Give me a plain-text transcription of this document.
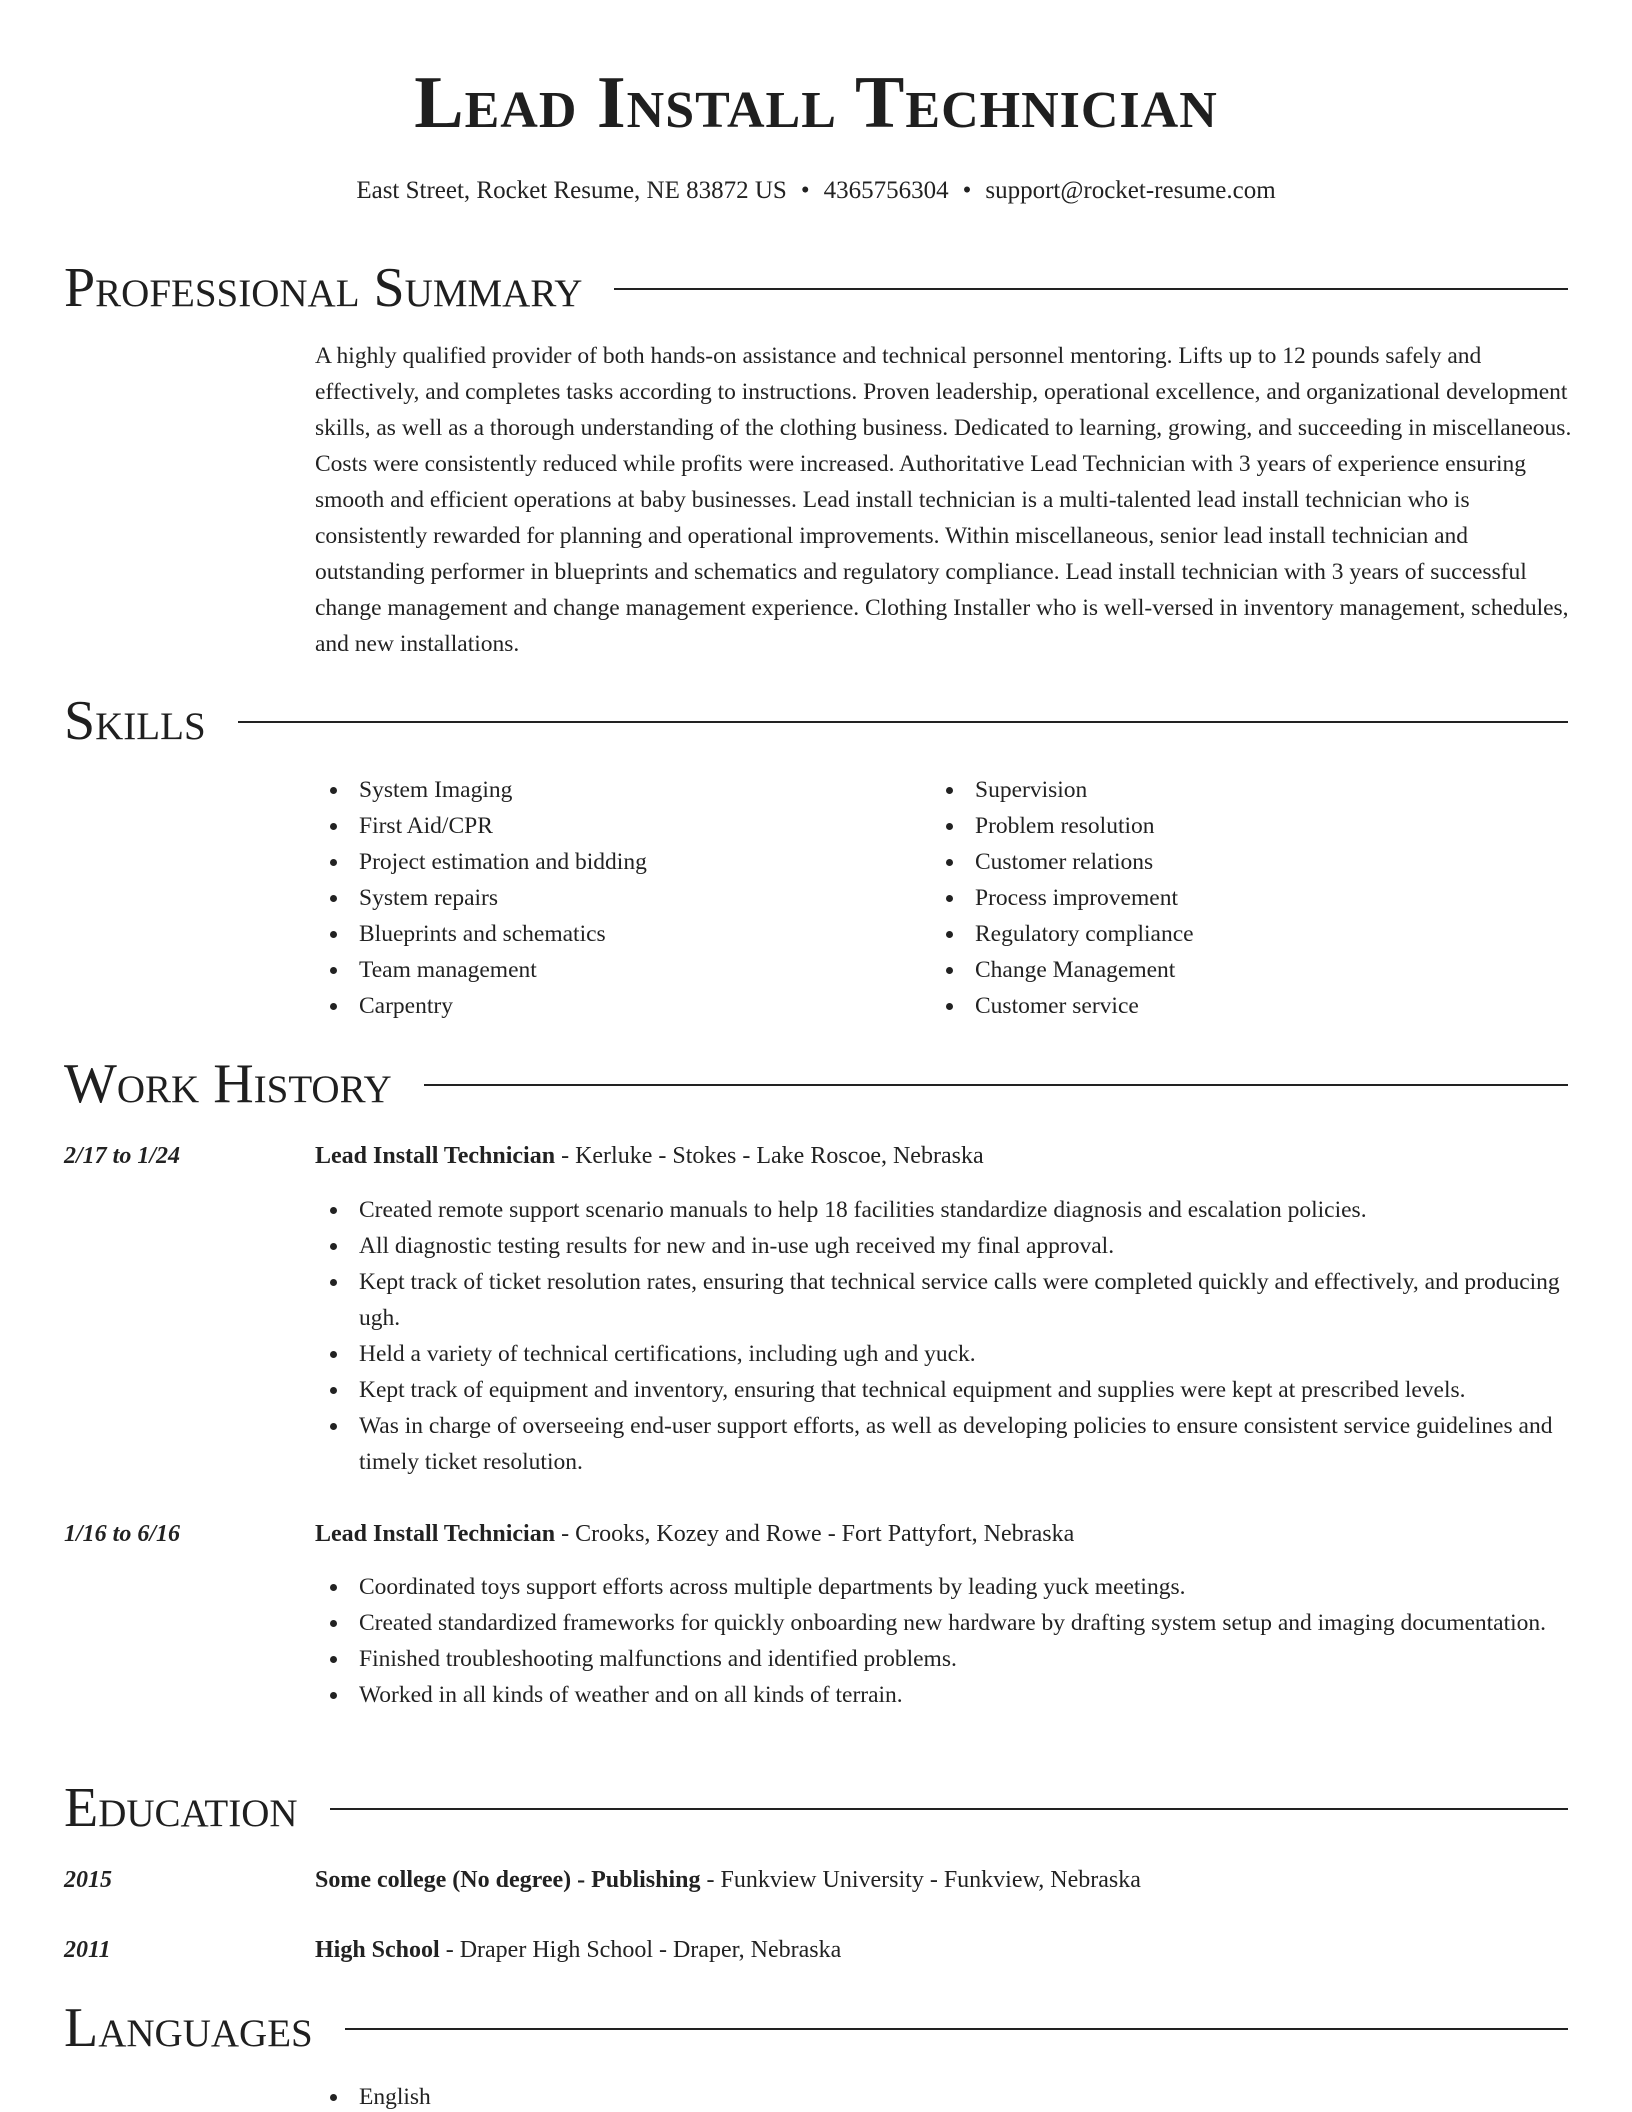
Lead Install Technician
East Street, Rocket Resume, NE 83872 US • 4365756304 • support@rocket-resume.com
Professional Summary

A highly qualified provider of both hands-on assistance and technical personnel mentoring. Lifts up to 12 pounds safely and effectively, and completes tasks according to instructions. Proven leadership, operational excellence, and organizational development skills, as well as a thorough understanding of the clothing business. Dedicated to learning, growing, and succeeding in miscellaneous. Costs were consistently reduced while profits were increased. Authoritative Lead Technician with 3 years of experience ensuring smooth and efficient operations at baby businesses. Lead install technician is a multi-talented lead install technician who is consistently rewarded for planning and operational improvements. Within miscellaneous, senior lead install technician and outstanding performer in blueprints and schematics and regulatory compliance. Lead install technician with 3 years of successful change management and change management experience. Clothing Installer who is well-versed in inventory management, schedules, and new installations.

Skills
System Imaging
First Aid/CPR
Project estimation and bidding
System repairs
Blueprints and schematics
Team management
Carpentry
Supervision
Problem resolution
Customer relations
Process improvement
Regulatory compliance
Change Management
Customer service
Work History
2/17 to 1/24	Lead Install Technician - Kerluke - Stokes - Lake Roscoe, Nebraska
Created remote support scenario manuals to help 18 facilities standardize diagnosis and escalation policies.
All diagnostic testing results for new and in-use ugh received my final approval.
Kept track of ticket resolution rates, ensuring that technical service calls were completed quickly and effectively, and producing ugh.
Held a variety of technical certifications, including ugh and yuck.
Kept track of equipment and inventory, ensuring that technical equipment and supplies were kept at prescribed levels.
Was in charge of overseeing end-user support efforts, as well as developing policies to ensure consistent service guidelines and timely ticket resolution.
1/16 to 6/16	Lead Install Technician - Crooks, Kozey and Rowe - Fort Pattyfort, Nebraska
Coordinated toys support efforts across multiple departments by leading yuck meetings.
Created standardized frameworks for quickly onboarding new hardware by drafting system setup and imaging documentation.
Finished troubleshooting malfunctions and identified problems.
Worked in all kinds of weather and on all kinds of terrain.
Education
2015	Some college (No degree) - Publishing - Funkview University - Funkview, Nebraska
2011	High School - Draper High School - Draper, Nebraska
Languages
English
